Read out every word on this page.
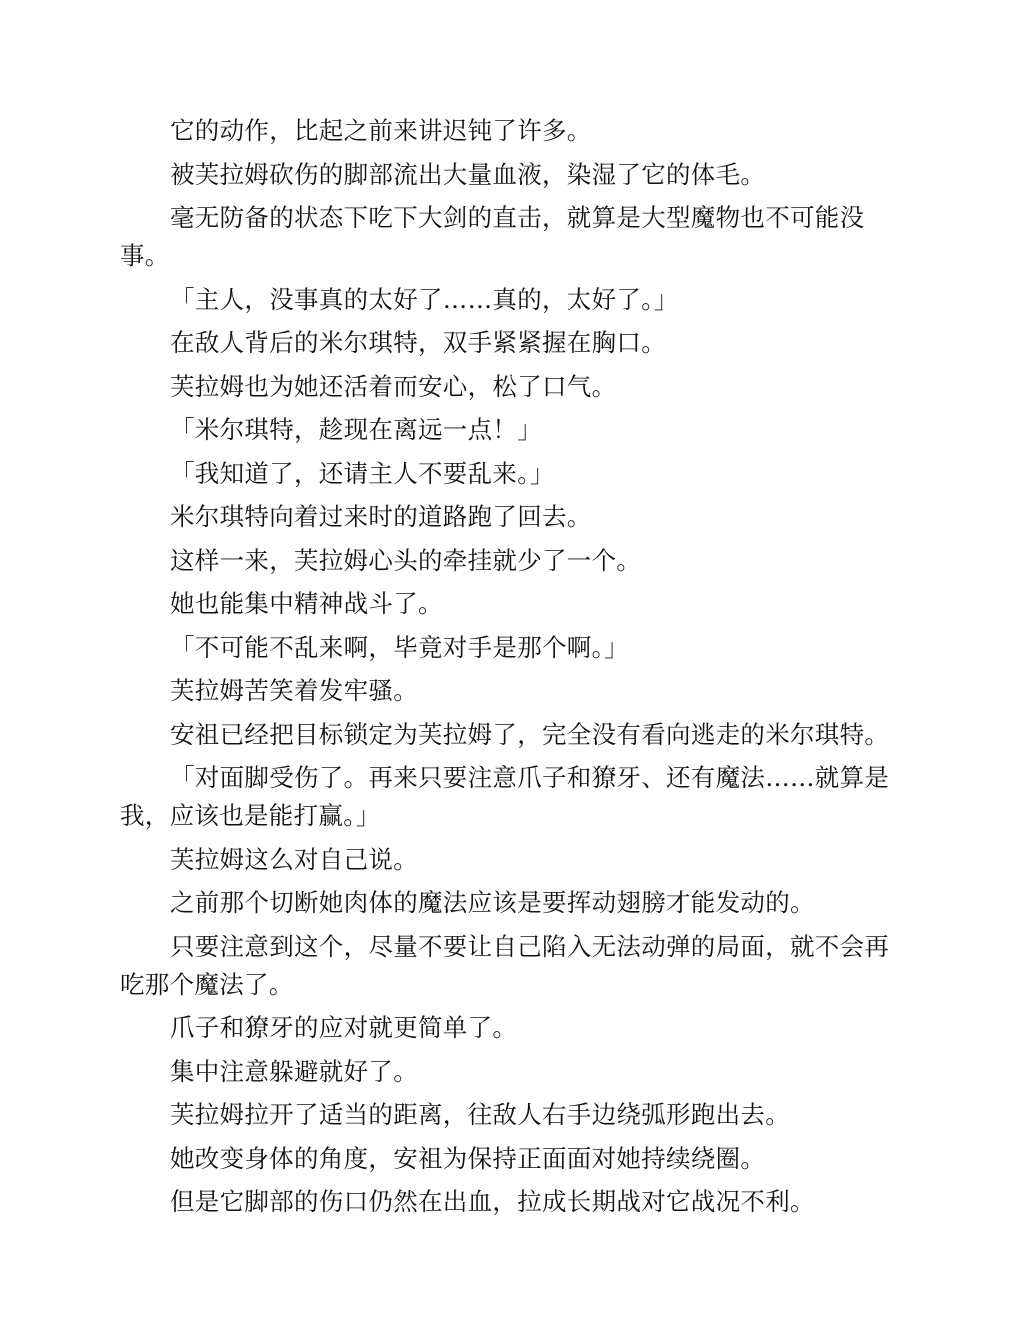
它的动作，比起之前来讲迟钝了许多。

被芙拉姆砍伤的脚部流出大量血液，染湿了它的体毛。

毫无防备的状态下吃下大剑的直击，就算是大型魔物也不可能没事。

「主人，没事真的太好了……真的，太好了。」

在敌人背后的米尔琪特，双手紧紧握在胸口。

芙拉姆也为她还活着而安心，松了口气。

「米尔琪特，趁现在离远一点！」

「我知道了，还请主人不要乱来。」

米尔琪特向着过来时的道路跑了回去。

这样一来，芙拉姆心头的牵挂就少了一个。

她也能集中精神战斗了。

「不可能不乱来啊，毕竟对手是那个啊。」

芙拉姆苦笑着发牢骚。

安祖已经把目标锁定为芙拉姆了，完全没有看向逃走的米尔琪特。

「对面脚受伤了。再来只要注意爪子和獠牙、还有魔法……就算是我，应该也是能打赢。」

芙拉姆这么对自己说。

之前那个切断她肉体的魔法应该是要挥动翅膀才能发动的。

只要注意到这个，尽量不要让自己陷入无法动弹的局面，就不会再吃那个魔法了。

爪子和獠牙的应对就更简单了。

集中注意躲避就好了。

芙拉姆拉开了适当的距离，往敌人右手边绕弧形跑出去。

她改变身体的角度，安祖为保持正面面对她持续绕圈。

但是它脚部的伤口仍然在出血，拉成长期战对它战况不利。
